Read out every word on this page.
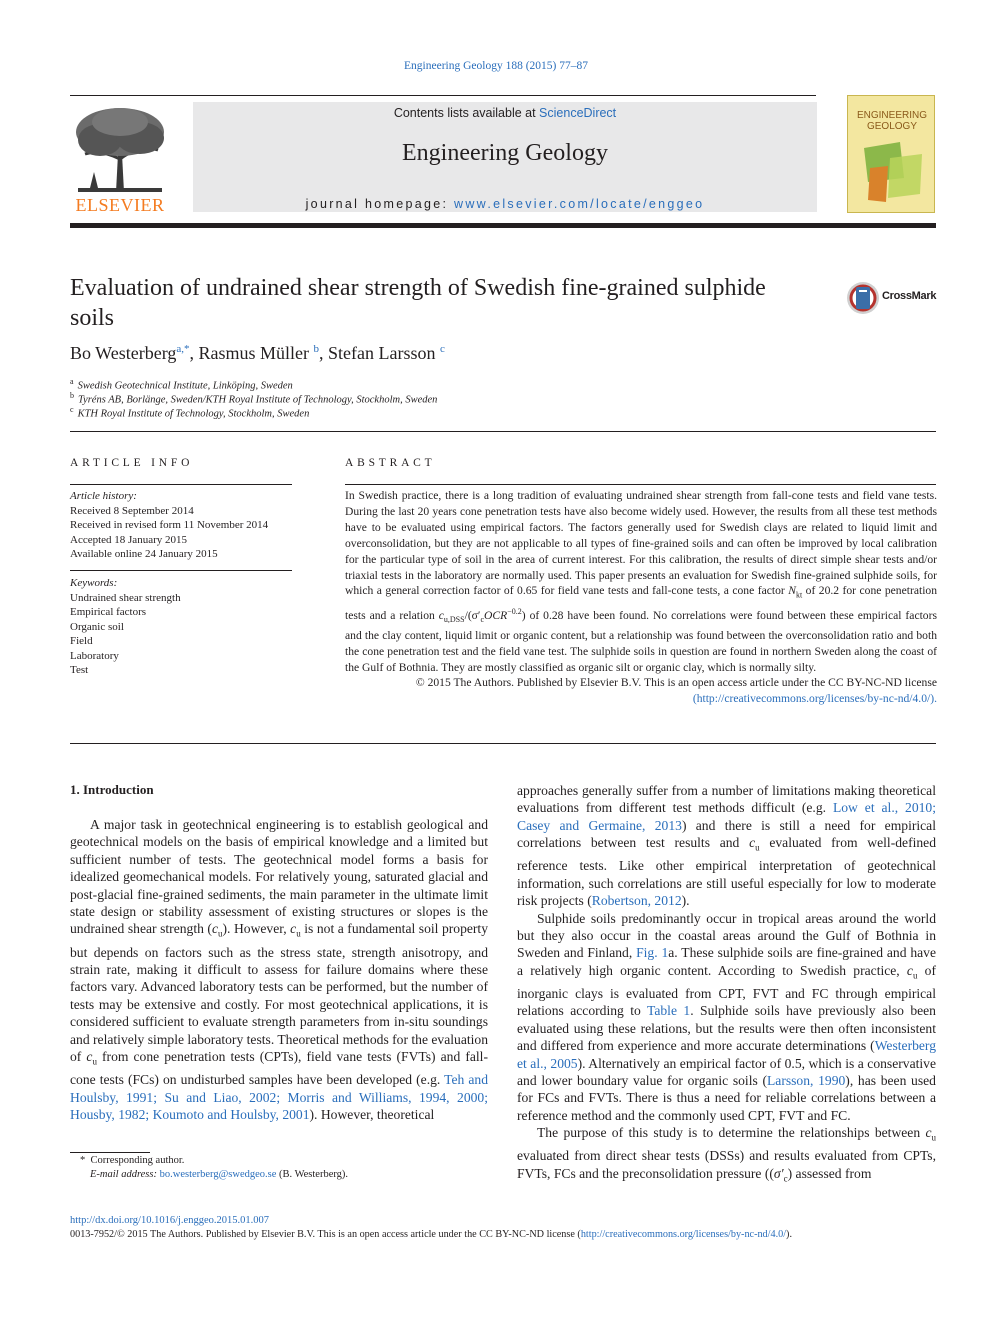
Engineering Geology 188 (2015) 77–87
ELSEVIER
Contents lists available at ScienceDirect
Engineering Geology
journal homepage: www.elsevier.com/locate/enggeo
ENGINEERING GEOLOGY
Evaluation of undrained shear strength of Swedish fine-grained sulphide soils
CrossMark
Bo Westerberg$^{a,*}$, Rasmus Müller $^b$, Stefan Larsson $^c$
$^a$ Swedish Geotechnical Institute, Linköping, Sweden
$^b$ Tyréns AB, Borlänge, Sweden/KTH Royal Institute of Technology, Stockholm, Sweden
$^c$ KTH Royal Institute of Technology, Stockholm, Sweden
ARTICLE INFO
Article history:
Received 8 September 2014
Received in revised form 11 November 2014
Accepted 18 January 2015
Available online 24 January 2015
Keywords:
Undrained shear strength
Empirical factors
Organic soil
Field
Laboratory
Test
ABSTRACT
In Swedish practice, there is a long tradition of evaluating undrained shear strength from fall-cone tests and field vane tests. During the last 20 years cone penetration tests have also become widely used. However, the results from all these test methods have to be evaluated using empirical factors. The factors generally used for Swedish clays are related to liquid limit and overconsolidation, but they are not applicable to all types of fine-grained soils and can often be improved by local calibration for the particular type of soil in the area of current interest. For this calibration, the results of direct simple shear tests and/or triaxial tests in the laboratory are normally used. This paper presents an evaluation for Swedish fine-grained sulphide soils, for which a general correction factor of 0.65 for field vane tests and fall-cone tests, a cone factor $N_{kt}$ of 20.2 for cone penetration tests and a relation $c_{u,DSS}/(\sigma'_cOCR^{-0.2})$ of 0.28 have been found. No correlations were found between these empirical factors and the clay content, liquid limit or organic content, but a relationship was found between the overconsolidation ratio and both the cone penetration test and the field vane test. The sulphide soils in question are found in northern Sweden along the coast of the Gulf of Bothnia. They are mostly classified as organic silt or organic clay, which is normally silty.
© 2015 The Authors. Published by Elsevier B.V. This is an open access article under the CC BY-NC-ND license
(http://creativecommons.org/licenses/by-nc-nd/4.0/).
1. Introduction

A major task in geotechnical engineering is to establish geological and geotechnical models on the basis of empirical knowledge and a limited but sufficient number of tests. The geotechnical model forms a basis for idealized geomechanical models. For relatively young, saturated glacial and post-glacial fine-grained sediments, the main parameter in the ultimate limit state design or stability assessment of existing structures or slopes is the undrained shear strength $(c_u)$. However, $c_u$ is not a fundamental soil property but depends on factors such as the stress state, strength anisotropy, and strain rate, making it difficult to assess for failure domains where these factors vary. Advanced laboratory tests can be performed, but the number of tests may be extensive and costly. For most geotechnical applications, it is considered sufficient to evaluate strength parameters from in-situ soundings and relatively simple laboratory tests. Theoretical methods for the evaluation of $c_u$ from cone penetration tests (CPTs), field vane tests (FVTs) and fall-cone tests (FCs) on undisturbed samples have been developed (e.g. Teh and Houlsby, 1991; Su and Liao, 2002; Morris and Williams, 1994, 2000; Housby, 1982; Koumoto and Houlsby, 2001). However, theoretical

approaches generally suffer from a number of limitations making theoretical evaluations from different test methods difficult (e.g. Low et al., 2010; Casey and Germaine, 2013) and there is still a need for empirical correlations between test results and $c_u$ evaluated from well-defined reference tests. Like other empirical interpretation of geotechnical information, such correlations are still useful especially for low to moderate risk projects (Robertson, 2012).

Sulphide soils predominantly occur in tropical areas around the world but they also occur in the coastal areas around the Gulf of Bothnia in Sweden and Finland, Fig. 1a. These sulphide soils are fine-grained and have a relatively high organic content. According to Swedish practice, $c_u$ of inorganic clays is evaluated from CPT, FVT and FC through empirical relations according to Table 1. Sulphide soils have previously also been evaluated using these relations, but the results were then often inconsistent and differed from experience and more accurate determinations (Westerberg et al., 2005). Alternatively an empirical factor of 0.5, which is a conservative and lower boundary value for organic soils (Larsson, 1990), has been used for FCs and FVTs. There is thus a need for reliable correlations between a reference method and the commonly used CPT, FVT and FC.

The purpose of this study is to determine the relationships between $c_u$ evaluated from direct shear tests (DSSs) and results evaluated from CPTs, FVTs, FCs and the preconsolidation pressure ($(\sigma'_c)$ assessed from

* Corresponding author.
E-mail address: bo.westerberg@swedgeo.se (B. Westerberg).
http://dx.doi.org/10.1016/j.enggeo.2015.01.007
0013-7952/© 2015 The Authors. Published by Elsevier B.V. This is an open access article under the CC BY-NC-ND license (http://creativecommons.org/licenses/by-nc-nd/4.0/).
